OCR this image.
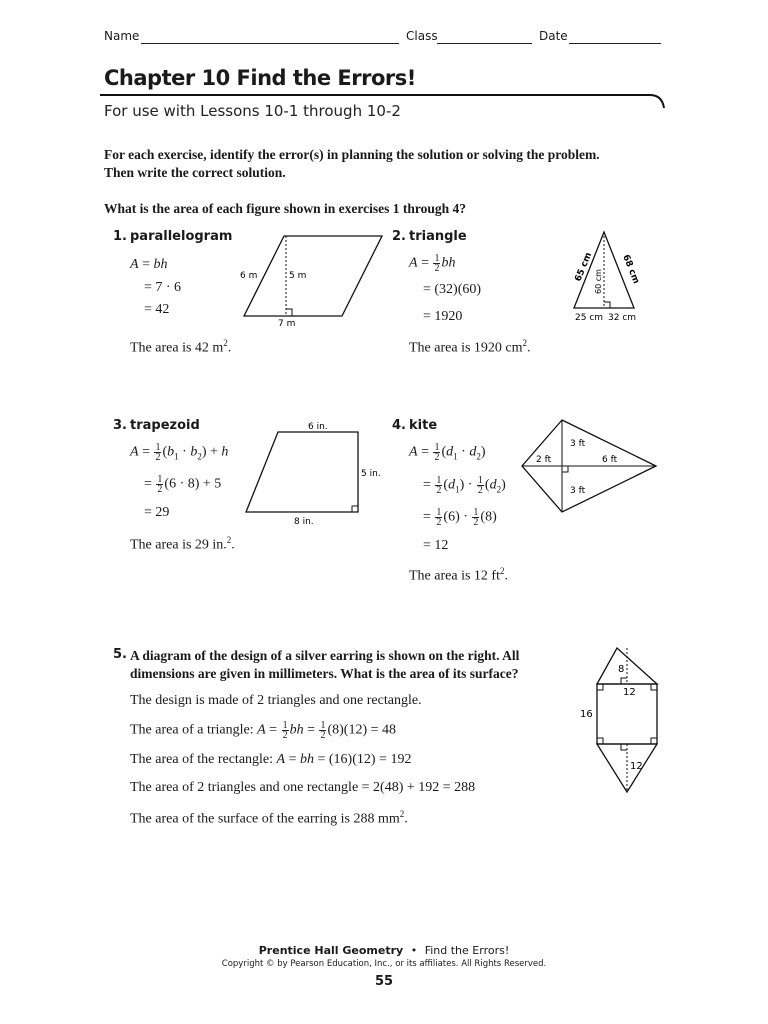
Name	Class	Date
Chapter 10 Find the Errors!
For use with Lessons 10-1 through 10-2
For each exercise, identify the error(s) in planning the solution or solving the problem. Then write the correct solution.
What is the area of each figure shown in exercises 1 through 4?
1. parallelogram
A = bh
= 7 · 6
= 42
The area is 42 $m^2$.
6 m	5 m
7 m
2. triangle
$A = \frac{1}{2}$ bh
= (32)(60)
= 1920
The area is 1920 $cm^2$.
65 cm 60 cm 68 cm
25 cm 32 cm
3. trapezoid
$A = \frac{1}{2} (b_1 \cdot b_2) + h$
= $\frac{1}{2} (6 \cdot 8) + 5$
= 29
The area is 29 in.$^2$.
6 in.
5 in.
8 in.
4. kite
$A = \frac{1}{2} (d_1 \cdot d_2)$
= $\frac{1}{2} (d_1) \cdot \frac{1}{2} (d_2)$
= $\frac{1}{2} (6) \cdot \frac{1}{2} (8)$
= 12
The area is 12 $ft^2$.
3 ft
2 ft	6 ft
3 ft
5. A diagram of the design of a silver earring is shown on the right. All dimensions are given in millimeters. What is the area of its surface?
The design is made of 2 triangles and one rectangle.
The area of a triangle: $A = \frac{1}{2}$ bh = $\frac{1}{2} (8)(12) = 48$
The area of the rectangle: A = bh = (16)(12) = 192
The area of 2 triangles and one rectangle = 2(48) + 192 = 288
The area of the surface of the earring is 288 $mm^2$.
8
12
16
12
Prentice Hall Geometry • Find the Errors!
Copyright © by Pearson Education, Inc., or its affiliates. All Rights Reserved.
55
